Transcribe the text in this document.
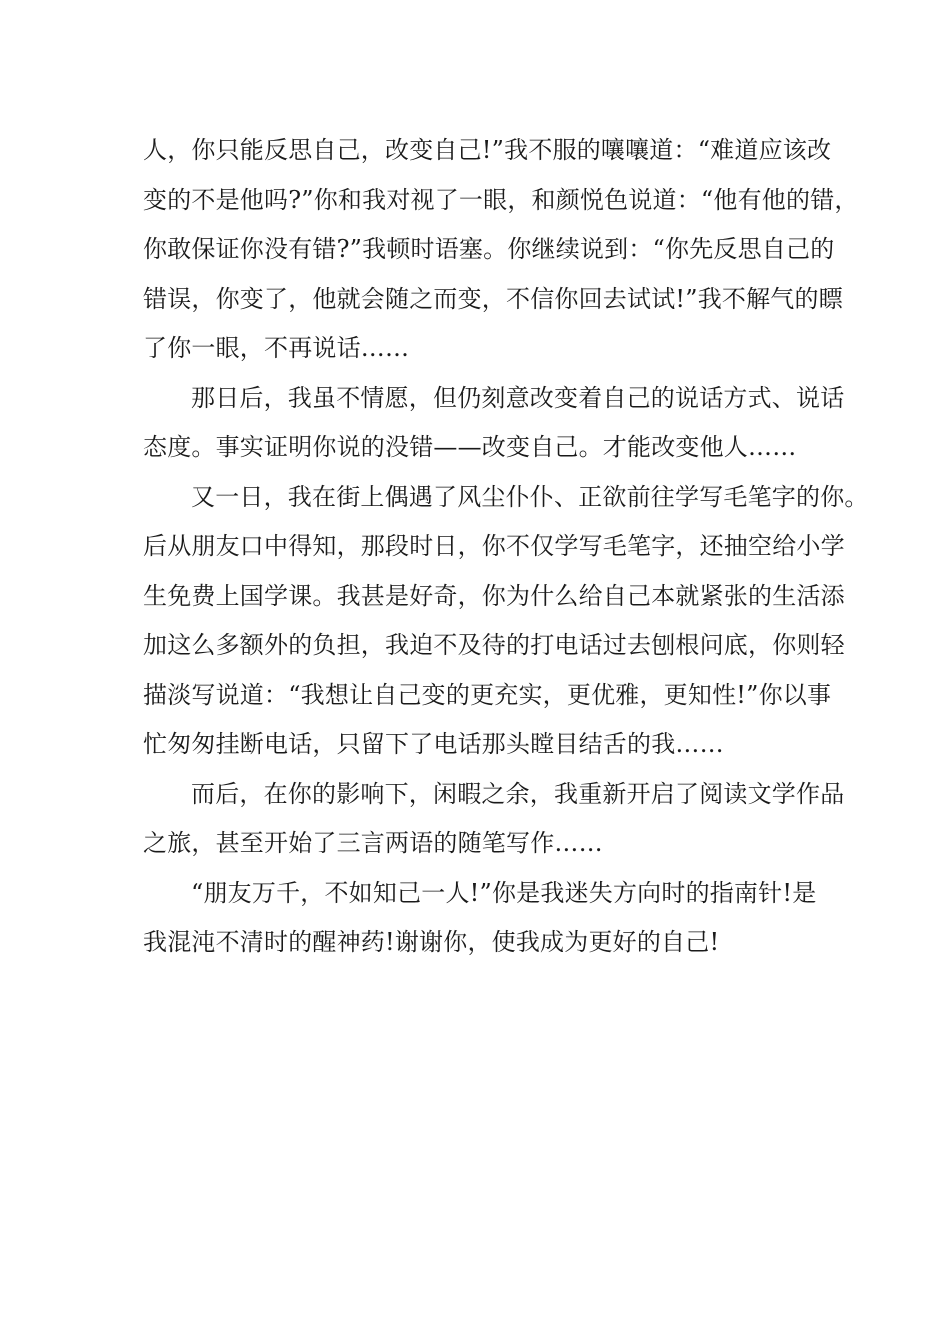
人，你只能反思自己，改变自己!”我不服的嚷嚷道：“难道应该改
变的不是他吗?”你和我对视了一眼，和颜悦色说道：“他有他的错，
你敢保证你没有错?”我顿时语塞。你继续说到：“你先反思自己的
错误，你变了，他就会随之而变，不信你回去试试!”我不解气的瞟
了你一眼，不再说话……

那日后，我虽不情愿，但仍刻意改变着自己的说话方式、说话
态度。事实证明你说的没错——改变自己。才能改变他人……

又一日，我在街上偶遇了风尘仆仆、正欲前往学写毛笔字的你。
后从朋友口中得知，那段时日，你不仅学写毛笔字，还抽空给小学
生免费上国学课。我甚是好奇，你为什么给自己本就紧张的生活添
加这么多额外的负担，我迫不及待的打电话过去刨根问底，你则轻
描淡写说道：“我想让自己变的更充实，更优雅，更知性!”你以事
忙匆匆挂断电话，只留下了电话那头瞠目结舌的我……

而后，在你的影响下，闲暇之余，我重新开启了阅读文学作品
之旅，甚至开始了三言两语的随笔写作……

“朋友万千，不如知己一人!”你是我迷失方向时的指南针!是
我混沌不清时的醒神药!谢谢你，使我成为更好的自己!
